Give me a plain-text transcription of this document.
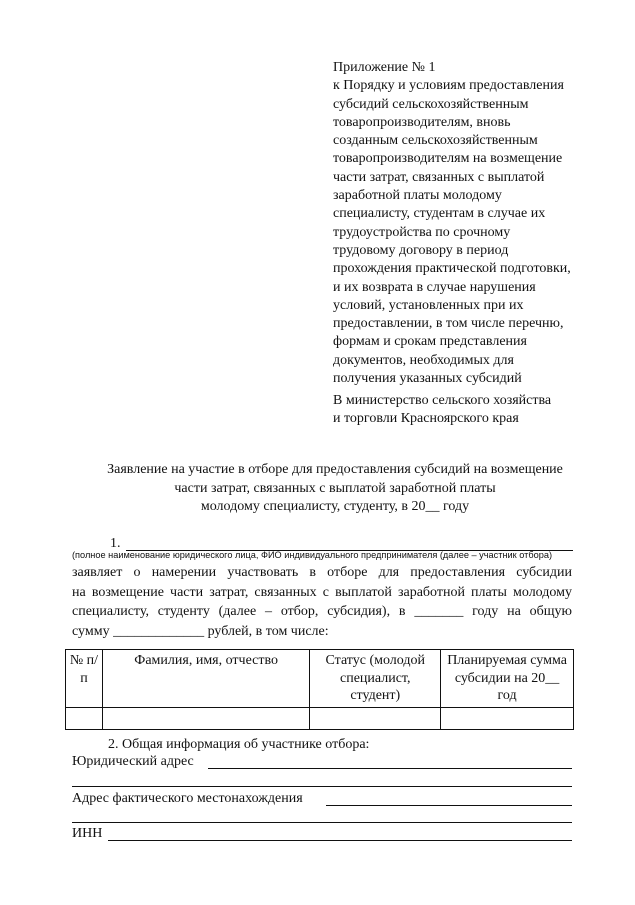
Приложение № 1
к Порядку и условиям предоставления
субсидий сельскохозяйственным
товаропроизводителям, вновь
созданным сельскохозяйственным
товаропроизводителям на возмещение
части затрат, связанных с выплатой
заработной платы молодому
специалисту, студентам в случае их
трудоустройства по срочному
трудовому договору в период
прохождения практической подготовки,
и их возврата в случае нарушения
условий, установленных при их
предоставлении, в том числе перечню,
формам и срокам представления
документов, необходимых для
получения указанных субсидий
В министерство сельского хозяйства
и торговли Красноярского края
Заявление на участие в отборе для предоставления субсидий на возмещение
части затрат, связанных с выплатой заработной платы
молодому специалисту, студенту, в 20__ году
1.
(полное наименование юридического лица, ФИО индивидуального предпринимателя (далее – участник отбора)
заявляет о намерении участвовать в отборе для предоставления субсидии
на возмещение части затрат, связанных с выплатой заработной платы молодому
специалисту, студенту (далее – отбор, субсидия), в _______ году на общую
сумму _____________ рублей, в том числе:
№ п/п	Фамилия, имя, отчество	Статус (молодой специалист, студент)	Планируемая сумма субсидии на 20__ год

2. Общая информация об участнике отбора:
Юридический адрес
Адрес фактического местонахождения
ИНН
